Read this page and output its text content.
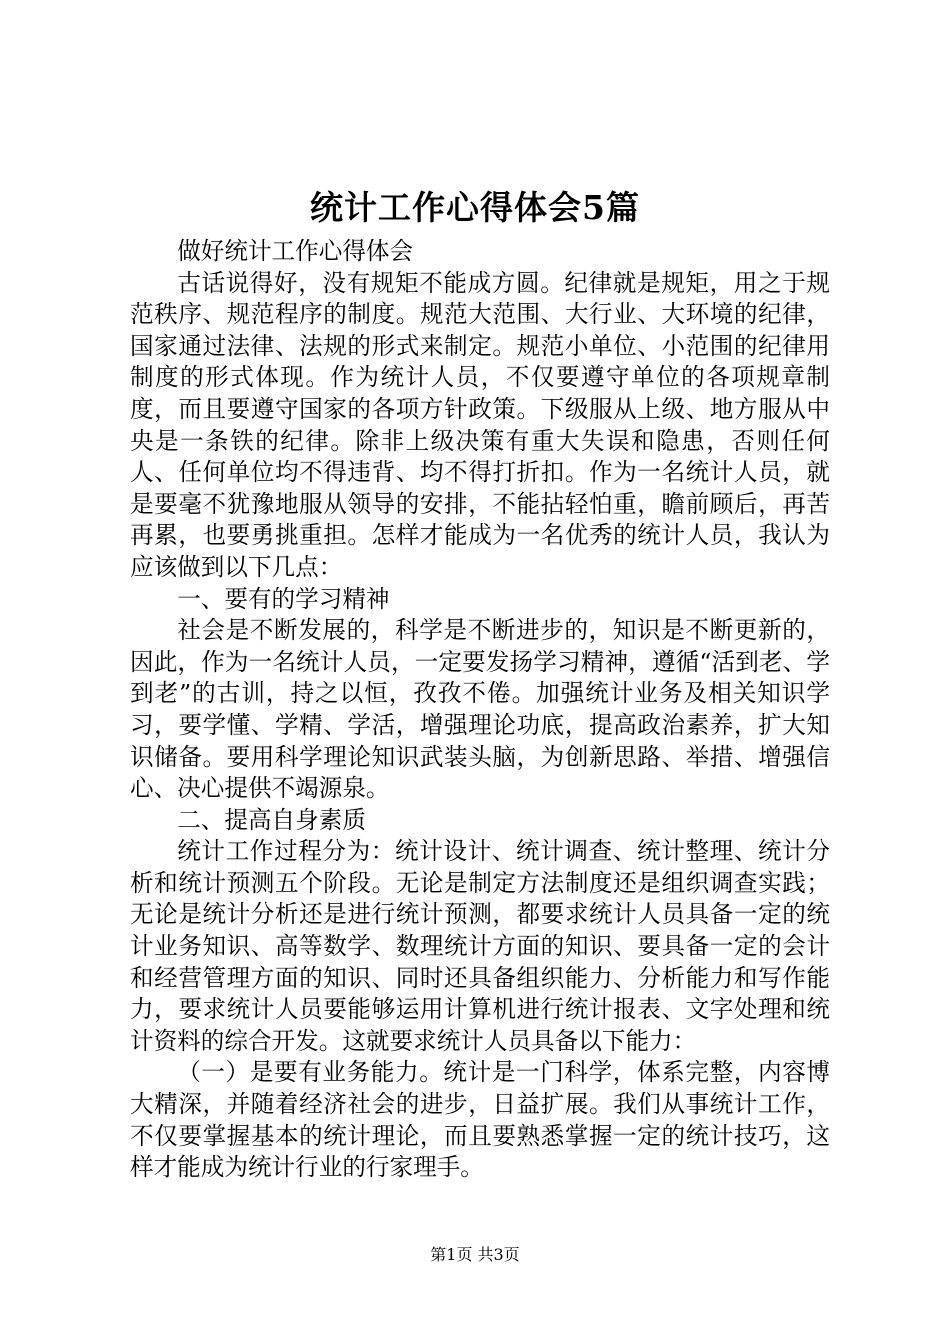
统计工作心得体会5篇

做好统计工作心得体会

古话说得好，没有规矩不能成方圆。纪律就是规矩，用之于规范秩序、规范程序的制度。规范大范围、大行业、大环境的纪律，国家通过法律、法规的形式来制定。规范小单位、小范围的纪律用制度的形式体现。作为统计人员，不仅要遵守单位的各项规章制度，而且要遵守国家的各项方针政策。下级服从上级、地方服从中央是一条铁的纪律。除非上级决策有重大失误和隐患，否则任何人、任何单位均不得违背、均不得打折扣。作为一名统计人员，就是要毫不犹豫地服从领导的安排，不能拈轻怕重，瞻前顾后，再苦再累，也要勇挑重担。怎样才能成为一名优秀的统计人员，我认为应该做到以下几点：

一、要有的学习精神

社会是不断发展的，科学是不断进步的，知识是不断更新的，因此，作为一名统计人员，一定要发扬学习精神，遵循“活到老、学到老”的古训，持之以恒，孜孜不倦。加强统计业务及相关知识学习，要学懂、学精、学活，增强理论功底，提高政治素养，扩大知识储备。要用科学理论知识武装头脑，为创新思路、举措、增强信心、决心提供不竭源泉。

二、提高自身素质

统计工作过程分为：统计设计、统计调查、统计整理、统计分析和统计预测五个阶段。无论是制定方法制度还是组织调查实践；无论是统计分析还是进行统计预测，都要求统计人员具备一定的统计业务知识、高等数学、数理统计方面的知识、要具备一定的会计和经营管理方面的知识、同时还具备组织能力、分析能力和写作能力，要求统计人员要能够运用计算机进行统计报表、文字处理和统计资料的综合开发。这就要求统计人员具备以下能力：

（一）是要有业务能力。统计是一门科学，体系完整，内容博大精深，并随着经济社会的进步，日益扩展。我们从事统计工作，不仅要掌握基本的统计理论，而且要熟悉掌握一定的统计技巧，这样才能成为统计行业的行家理手。

第1页 共3页
